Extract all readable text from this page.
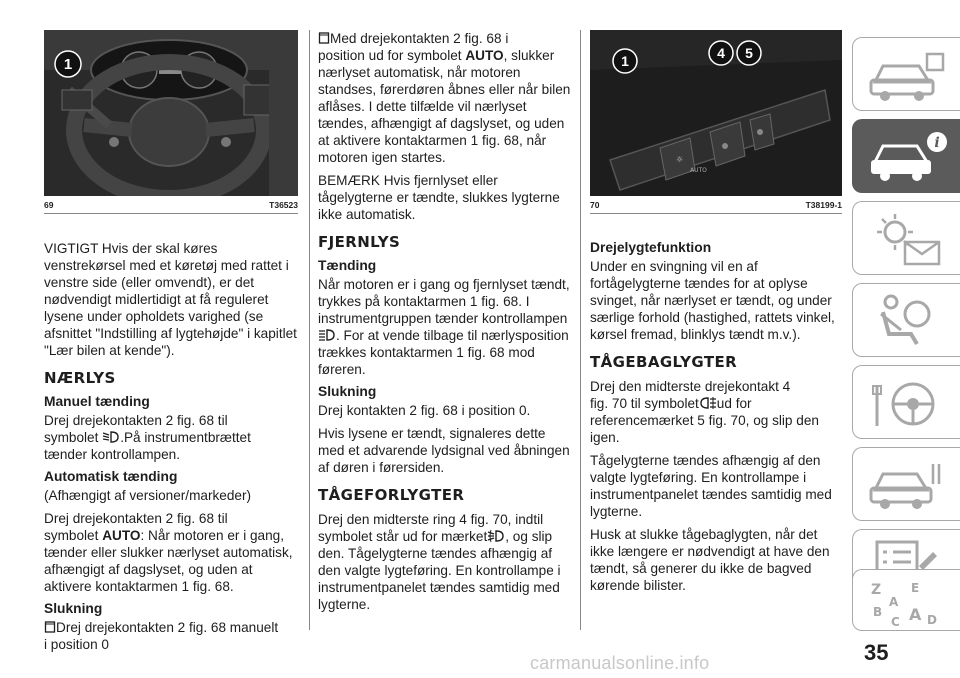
1
69	T36523

VIGTIGT Hvis der skal køres venstrekørsel med et køretøj med rattet i venstre side (eller omvendt), er det nødvendigt midlertidigt at få reguleret lysene under opholdets varighed (se afsnittet "Indstilling af lygtehøjde" i kapitlet "Lær bilen at kende").

NÆRLYS
Manuel tænding

Drej drejekontakten 2 fig. 68 til
symbolet .På instrumentbrættet
tænder kontrollampen.

Automatisk tænding

(Afhængigt af versioner/markeder)

Drej drejekontakten 2 fig. 68 til
symbolet AUTO: Når motoren er i gang, tænder eller slukker nærlyset automatisk, afhængigt af dagslyset, og uden at aktivere kontaktarmen 1 fig. 68.

Slukning

Drej drejekontakten 2 fig. 68 manuelt
i position 0

Med drejekontakten 2 fig. 68 i
position ud for symbolet AUTO, slukker nærlyset automatisk, når motoren standses, førerdøren åbnes eller når bilen aflåses. I dette tilfælde vil nærlyset tændes, afhængigt af dagslyset, og uden at aktivere kontaktarmen 1 fig. 68, når motoren igen startes.

BEMÆRK Hvis fjernlyset eller tågelygterne er tændte, slukkes lygterne ikke automatisk.

FJERNLYS
Tænding

Når motoren er i gang og fjernlyset tændt, trykkes på kontaktarmen 1 fig. 68. I instrumentgruppen tænder kontrollampen. For at vende tilbage til nærlysposition trækkes kontaktarmen 1 fig. 68 mod føreren.

Slukning

Drej kontakten 2 fig. 68 i position 0.

Hvis lysene er tændt, signaleres dette med et advarende lydsignal ved åbningen af døren i førersiden.

TÅGEFORLYGTER

Drej den midterste ring 4 fig. 70, indtil symbolet står ud for mærket , og slip den. Tågelygterne tændes afhængig af den valgte lygteføring. En kontrollampe i instrumentpanelet tændes samtidig med lygterne.

☼
AUTO
1	4 5
70	T38199-1
Drejelygtefunktion

Under en svingning vil en af fortågelygterne tændes for at oplyse svinget, når nærlyset er tændt, og under særlige forhold (hastighed, rattets vinkel, kørsel fremad, blinklys tændt m.v.).

TÅGEBAGLYGTER

Drej den midterste drejekontakt 4
fig. 70 til symbolet ud for referencemærket 5 fig. 70, og slip den igen.

Tågelygterne tændes afhængig af den valgte lygteføring. En kontrollampe i instrumentpanelet tændes samtidig med lygterne.

Husk at slukke tågebaglygten, når det ikke længere er nødvendigt at have den tændt, så generer du ikke de bagved kørende bilister.

i
Z E
A
B
C A D
35
carmanualsonline.info
